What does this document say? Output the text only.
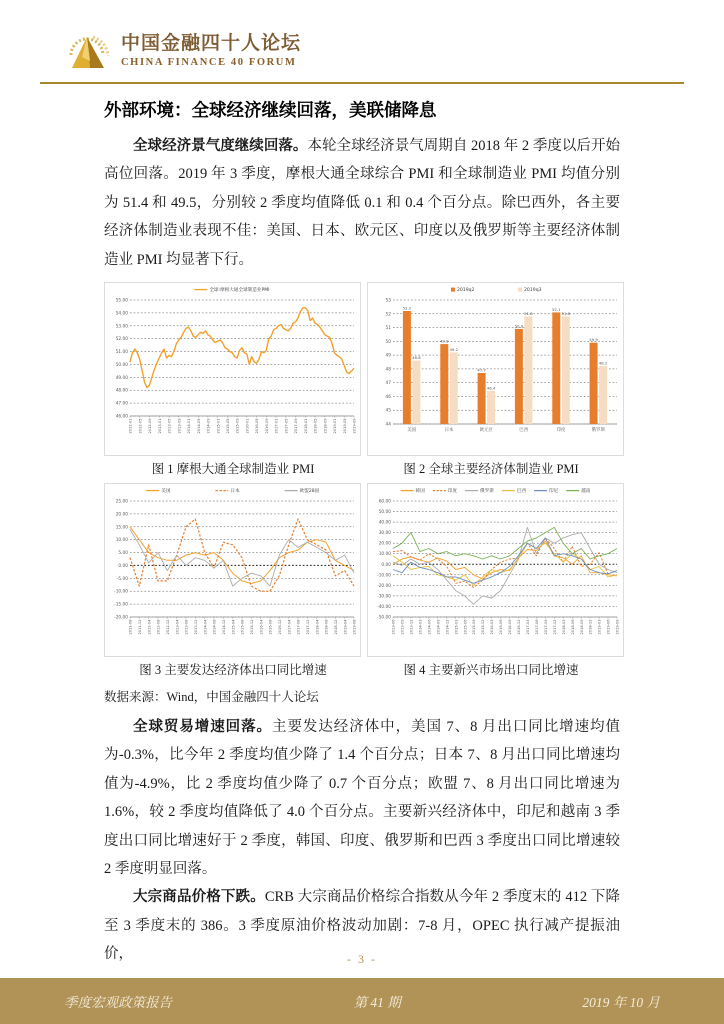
中国金融四十人论坛
CHINA FINANCE 40 FORUM
外部环境：全球经济继续回落，美联储降息

全球经济景气度继续回落。本轮全球经济景气周期自 2018 年 2 季度以后开始高位回落。2019 年 3 季度，摩根大通全球综合 PMI 和全球制造业 PMI 均值分别为 51.4 和 49.5，分别较 2 季度均值降低 0.1 和 0.4 个百分点。除巴西外，各主要经济体制造业表现不佳：美国、日本、欧元区、印度以及俄罗斯等主要经济体制造业 PMI 均显著下行。

46.00
47.00
48.00
49.00
50.00
51.00
52.00
53.00
54.00
55.00
全球:摩根大通全球制造业PMI
2012-01 2012-05 2012-09 2013-01 2013-05 2013-09 2014-01 2014-05 2014-09 2015-01 2015-05 2015-09 2016-01 2016-05 2016-09 2017-01 2017-05 2017-09 2018-01 2018-05 2018-09 2019-01 2019-05 2019-09	44
45
46
47
48
49
50
51
52
53
2019q2	2019q3
52.2
49.8
47.7
50.9
52.1
49.9
48.6
49.2
46.4
51.8	51.8
48.2
美国	日本	欧元区	巴西	印度	俄罗斯
图 1 摩根大通全球制造业 PMI	图 2 全球主要经济体制造业 PMI
-20.00
-15.00
-10.00
-5.00
0.00
5.00
10.00
15.00
20.00
25.00
美国	日本	欧盟28国
2011-08 2011-12 2012-04 2012-08 2012-12 2013-04 2013-08 2013-12 2014-04 2014-08 2014-12 2015-04 2015-08 2015-12 2016-04 2016-08 2016-12 2017-04 2017-08 2017-12 2018-04 2018-08 2018-12 2019-04 2019-08
-50.00
-40.00
-30.00
-20.00
-10.00
0.00
10.00
20.00
30.00
40.00
50.00
60.00
韩国	印度	俄罗斯	巴西	印尼	越南
2013-06 2013-09 2013-12 2014-03 2014-06 2014-09 2014-12 2015-03 2015-06 2015-09 2015-12 2016-03 2016-06 2016-09 2016-12 2017-03 2017-06 2017-09 2017-12 2018-03 2018-06 2018-09 2018-12 2019-03 2019-06 2019-09
图 3 主要发达经济体出口同比增速	图 4 主要新兴市场出口同比增速
数据来源：Wind，中国金融四十人论坛

全球贸易增速回落。主要发达经济体中，美国 7、8 月出口同比增速均值为-0.3%，比今年 2 季度均值少降了 1.4 个百分点；日本 7、8 月出口同比增速均值为-4.9%，比 2 季度均值少降了 0.7 个百分点；欧盟 7、8 月出口同比增速为 1.6%，较 2 季度均值降低了 4.0 个百分点。主要新兴经济体中，印尼和越南 3 季度出口同比增速好于 2 季度，韩国、印度、俄罗斯和巴西 3 季度出口同比增速较 2 季度明显回落。

大宗商品价格下跌。CRB 大宗商品价格综合指数从今年 2 季度末的 412 下降至 3 季度末的 386。3 季度原油价格波动加剧：7-8 月，OPEC 执行减产提振油价，	- 3 -
季度宏观政策报告	第 41 期	2019 年 10 月
